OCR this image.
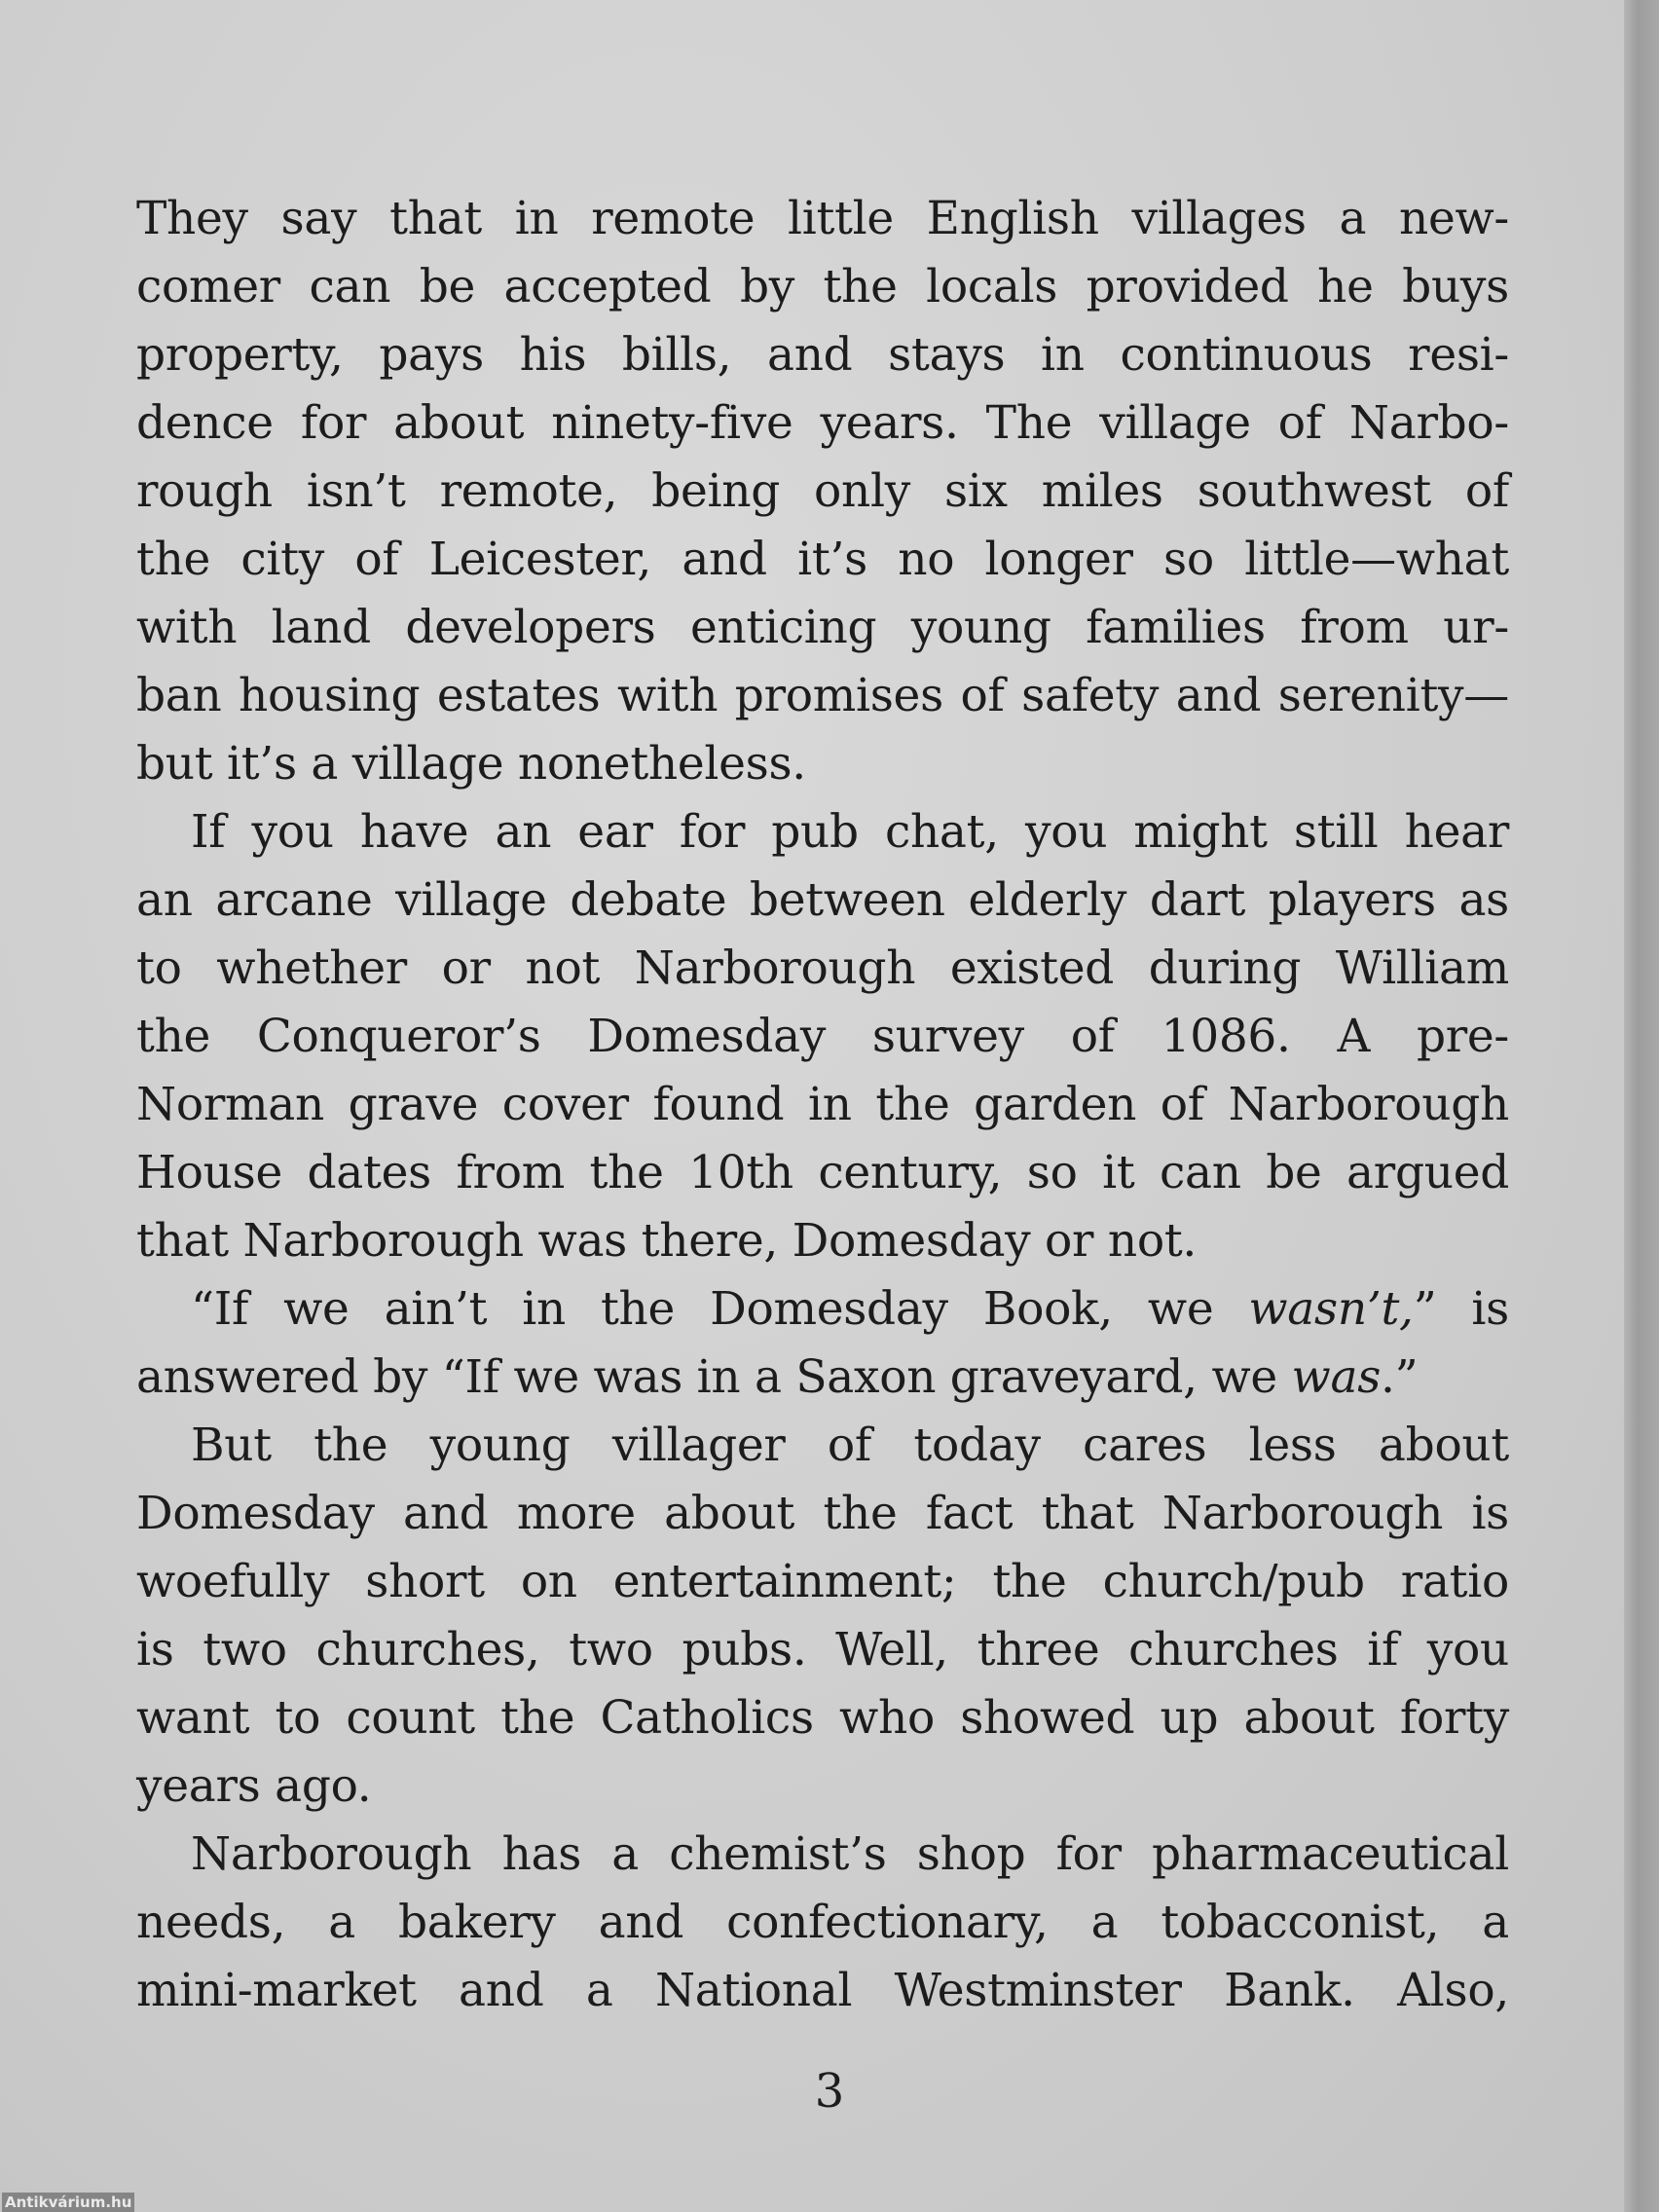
They say that in remote little English villages a new-
comer can be accepted by the locals provided he buys
property, pays his bills, and stays in continuous resi-
dence for about ninety-five years. The village of Narbo-
rough isn’t remote, being only six miles southwest of
the city of Leicester, and it’s no longer so little—what
with land developers enticing young families from ur-
ban housing estates with promises of safety and serenity—
but it’s a village nonetheless.
If you have an ear for pub chat, you might still hear
an arcane village debate between elderly dart players as
to whether or not Narborough existed during William
the Conqueror’s Domesday survey of 1086. A pre-
Norman grave cover found in the garden of Narborough
House dates from the 10th century, so it can be argued
that Narborough was there, Domesday or not.
“If we ain’t in the Domesday Book, we wasn’t,” is
answered by “If we was in a Saxon graveyard, we was.”
But the young villager of today cares less about
Domesday and more about the fact that Narborough is
woefully short on entertainment; the church/pub ratio
is two churches, two pubs. Well, three churches if you
want to count the Catholics who showed up about forty
years ago.
Narborough has a chemist’s shop for pharmaceutical
needs, a bakery and confectionary, a tobacconist, a
mini-market and a National Westminster Bank. Also,
3
Antikvárium.hu
